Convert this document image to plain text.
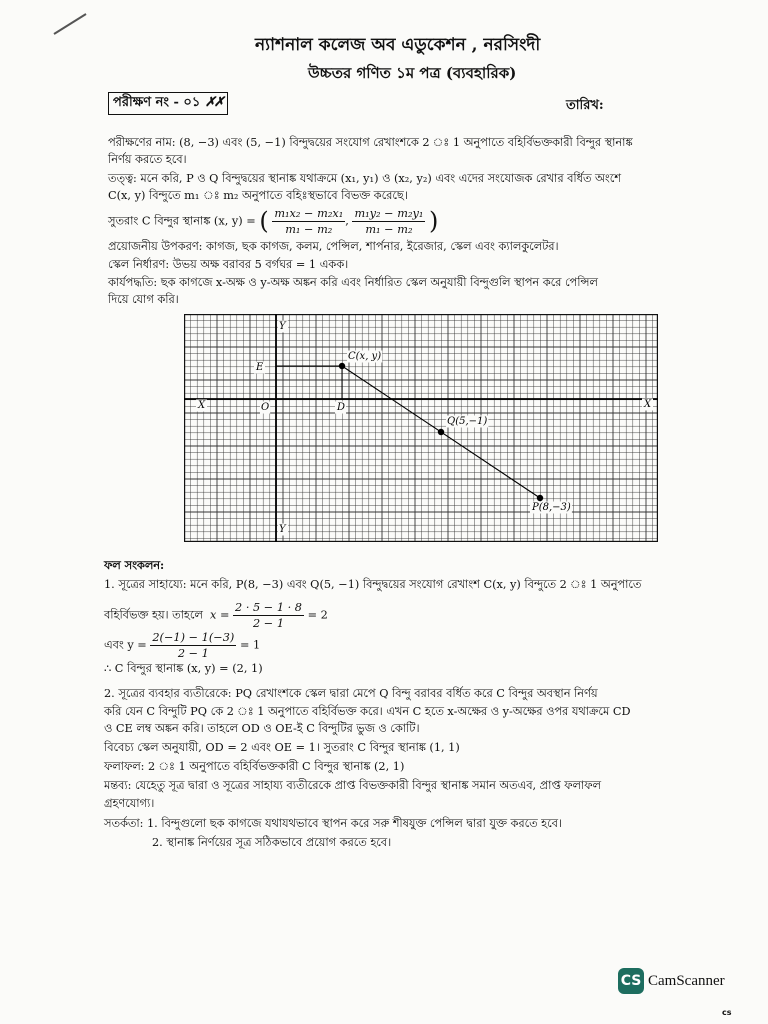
ন্যাশনাল কলেজ অব এডুকেশন , নরসিংদী
উচ্চতর গণিত ১ম পত্র (ব্যবহারিক)
পরীক্ষণ নং - ০১ ✗✗	তারিখ:
পরীক্ষণের নাম: (8, −3) এবং (5, −1) বিন্দুদ্বয়ের সংযোগ রেখাংশকে 2 ঃ 1 অনুপাতে বহির্বিভক্তকারী বিন্দুর স্থানাঙ্ক
নির্ণয় করতে হবে।
তত্ত্ব: মনে করি, P ও Q বিন্দুদ্বয়ের স্থানাঙ্ক যথাক্রমে (x₁, y₁) ও (x₂, y₂) এবং এদের সংযোজক রেখার বর্ধিত অংশে
C(x, y) বিন্দুতে m₁ ঃ m₂ অনুপাতে বহিঃস্থভাবে বিভক্ত করেছে।
সুতরাং C বিন্দুর স্থানাঙ্ক (x, y) = ( $\frac{\text{m₁x₂ − m₂x₁}}{\text{m₁ − m₂}}$ , $\frac{\text{m₁y₂ − m₂y₁}}{\text{m₁ − m₂}}$ )
প্রয়োজনীয় উপকরণ: কাগজ, ছক কাগজ, কলম, পেন্সিল, শার্পনার, ইরেজার, স্কেল এবং ক্যালকুলেটর।
স্কেল নির্ধারণ: উভয় অক্ষ বরাবর 5 বর্গঘর = 1 একক।
কার্যপদ্ধতি: ছক কাগজে x-অক্ষ ও y-অক্ষ অঙ্কন করি এবং নির্ধারিত স্কেল অনুযায়ী বিন্দুগুলি স্থাপন করে পেন্সিল
দিয়ে যোগ করি।
Y
Y
X	X
O	D
E
C(x, y)
Q(5,−1)
P(8,−3)
ফল সংকলন:
1. সূত্রের সাহায্যে: মনে করি, P(8, −3) এবং Q(5, −1) বিন্দুদ্বয়ের সংযোগ রেখাংশ C(x, y) বিন্দুতে 2 ঃ 1 অনুপাতে
বহির্বিভক্ত হয়। তাহলে $x = \frac{2 \cdot 5 - 1 \cdot 8}{2 - 1} = 2$
এবং $y = \frac{2(-1) - 1(-3)}{2 - 1} = 1$
∴ C বিন্দুর স্থানাঙ্ক (x, y) = (2, 1)
2. সূত্রের ব্যবহার ব্যতীরেকে: PQ রেখাংশকে স্কেল দ্বারা মেপে Q বিন্দু বরাবর বর্ধিত করে C বিন্দুর অবস্থান নির্ণয়
করি যেন C বিন্দুটি PQ কে 2 ঃ 1 অনুপাতে বহির্বিভক্ত করে। এখন C হতে x-অক্ষের ও y-অক্ষের ওপর যথাক্রমে CD
ও CE লম্ব অঙ্কন করি। তাহলে OD ও OE-ই C বিন্দুটির ভুজ ও কোটি।
বিবেচ্য স্কেল অনুযায়ী, OD = 2 এবং OE = 1। সুতরাং C বিন্দুর স্থানাঙ্ক (1, 1)
ফলাফল: 2 ঃ 1 অনুপাতে বহির্বিভক্তকারী C বিন্দুর স্থানাঙ্ক (2, 1)
মন্তব্য: যেহেতু সূত্র দ্বারা ও সূত্রের সাহায্য ব্যতীরেকে প্রাপ্ত বিভক্তকারী বিন্দুর স্থানাঙ্ক সমান অতএব, প্রাপ্ত ফলাফল
গ্রহণযোগ্য।
সতর্কতা: 1. বিন্দুগুলো ছক কাগজে যথাযথভাবে স্থাপন করে সরু শীষযুক্ত পেন্সিল দ্বারা যুক্ত করতে হবে।
2. স্থানাঙ্ক নির্ণয়ের সূত্র সঠিকভাবে প্রয়োগ করতে হবে।
CS CamScanner
cs
